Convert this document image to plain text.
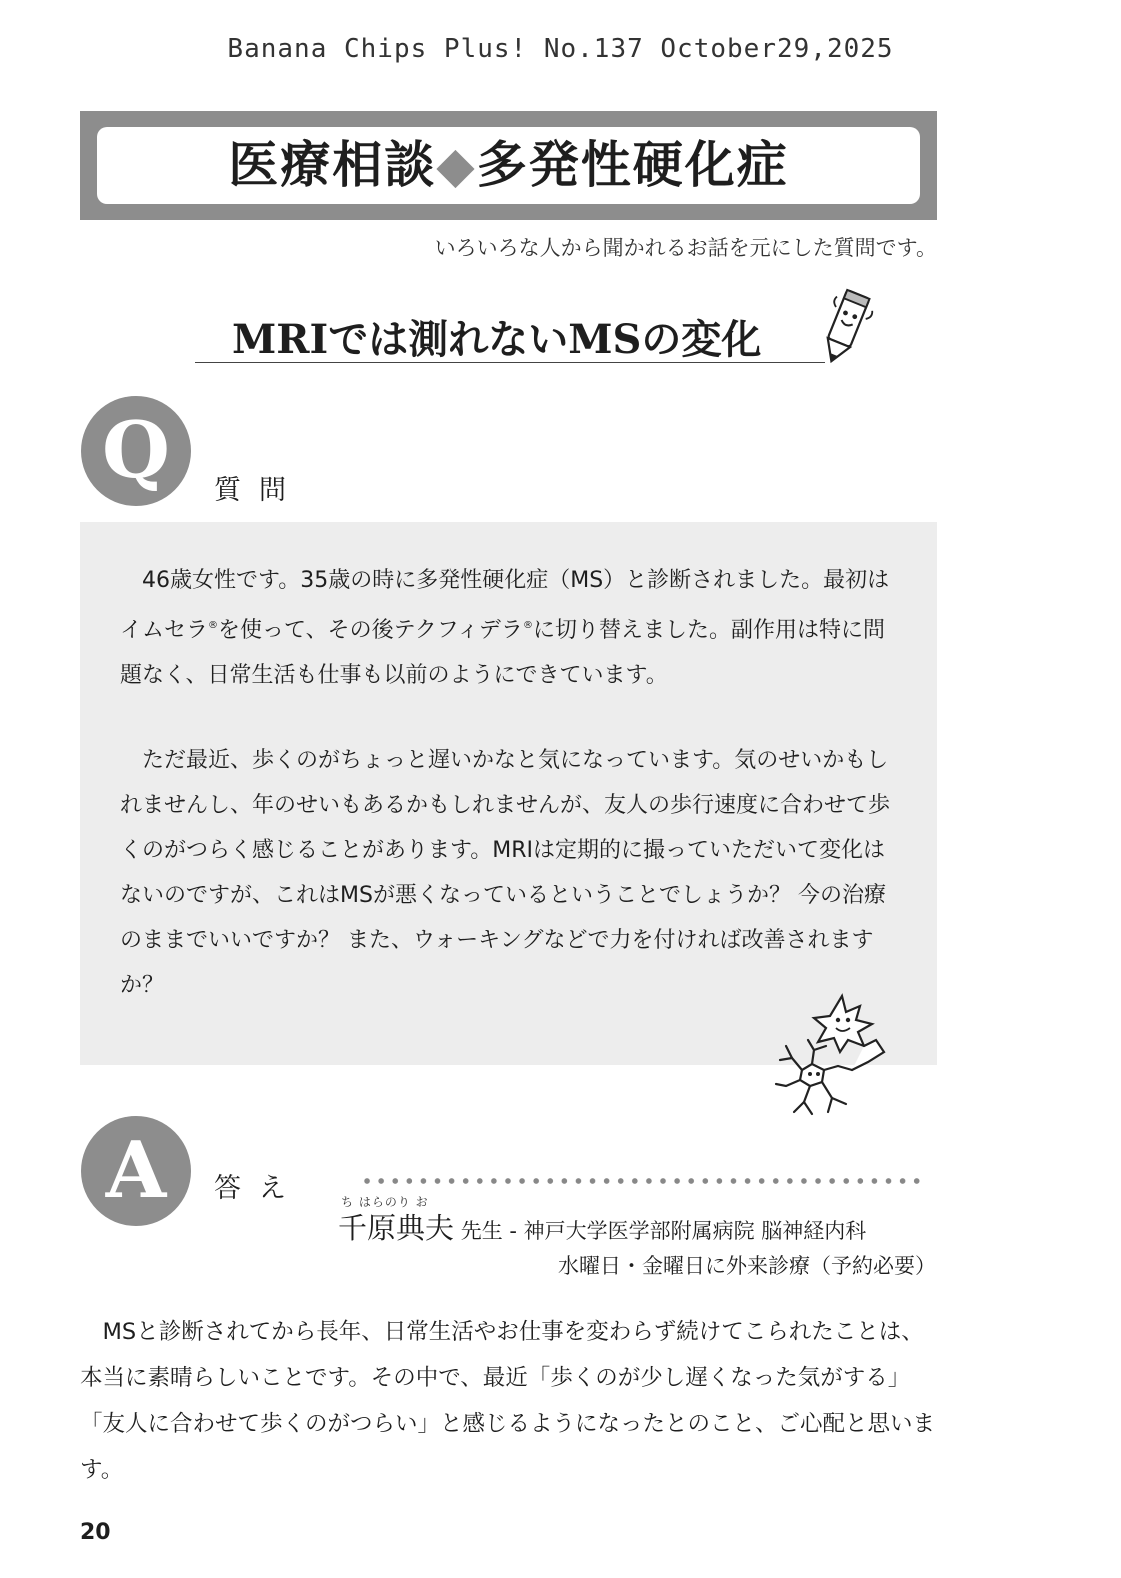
Banana Chips Plus! No.137 October29,2025
医療相談◆多発性硬化症
いろいろな人から聞かれるお話を元にした質問です。
MRIでは測れないMSの変化
Q	質問
46歳女性です。35歳の時に多発性硬化症（MS）と診断されました。最初はイムセラ®を使って、その後テクフィデラ®に切り替えました。副作用は特に問題なく、日常生活も仕事も以前のようにできています。
ただ最近、歩くのがちょっと遅いかなと気になっています。気のせいかもしれませんし、年のせいもあるかもしれませんが、友人の歩行速度に合わせて歩くのがつらく感じることがあります。MRIは定期的に撮っていただいて変化はないのですが、これはMSが悪くなっているということでしょうか？ 今の治療のままでいいですか？ また、ウォーキングなどで力を付ければ改善されますか？
A	答え	ち はらのり お
千原典夫 先生 - 神戸大学医学部附属病院 脳神経内科
水曜日・金曜日に外来診療（予約必要）
MSと診断されてから長年、日常生活やお仕事を変わらず続けてこられたことは、本当に素晴らしいことです。その中で、最近「歩くのが少し遅くなった気がする」「友人に合わせて歩くのがつらい」と感じるようになったとのこと、ご心配と思います。
20
